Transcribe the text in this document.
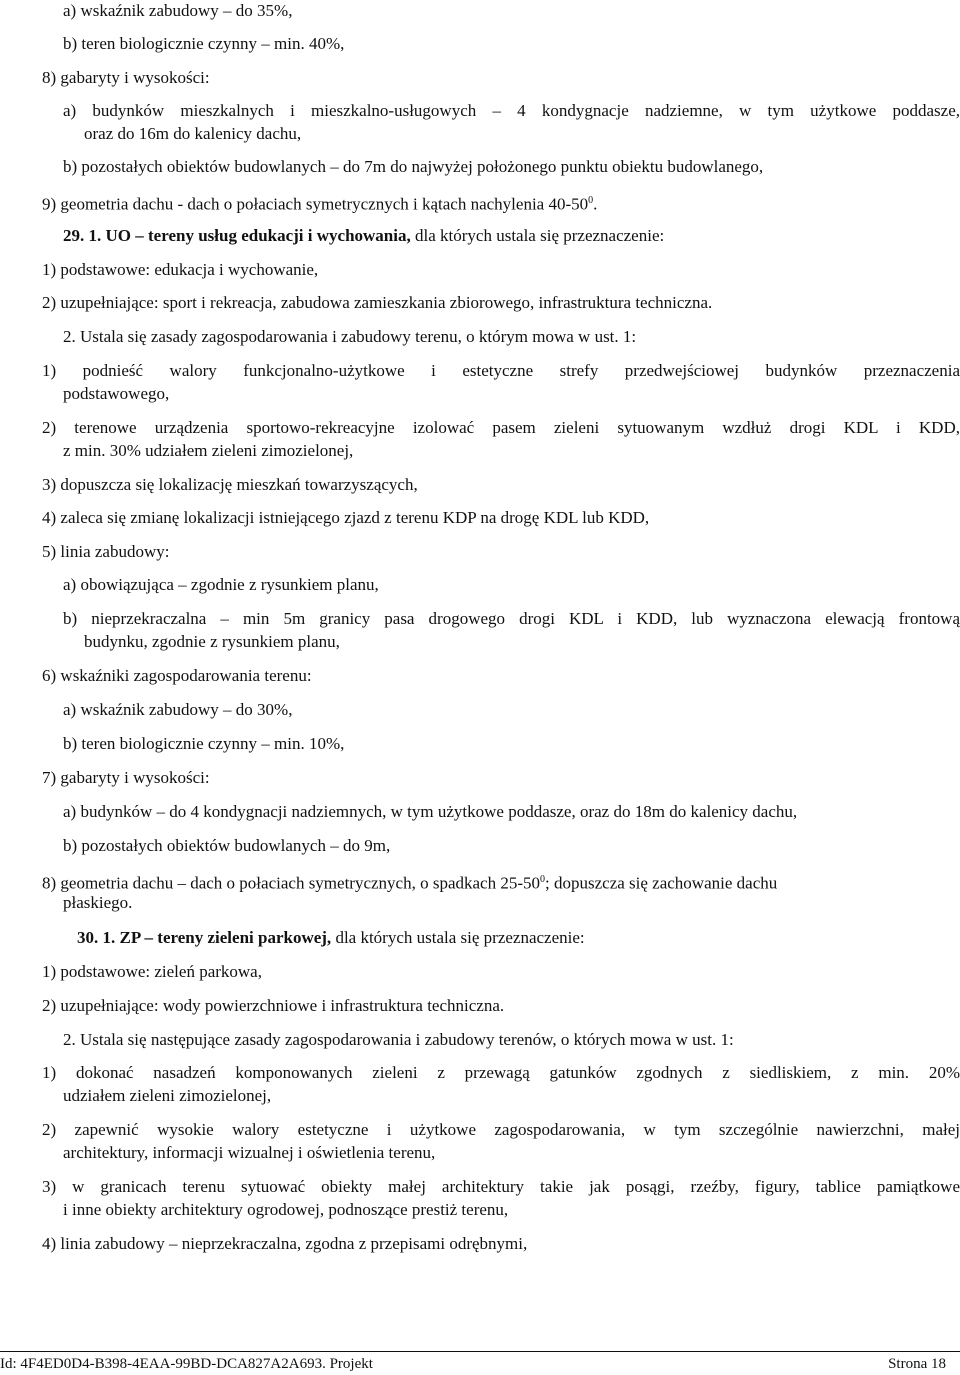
a) wskaźnik zabudowy – do 35%,
b) teren biologicznie czynny – min. 40%,
8) gabaryty i wysokości:
a) budynków mieszkalnych i mieszkalno-usługowych – 4 kondygnacje nadziemne, w tym użytkowe poddasze,
oraz do 16m do kalenicy dachu,
b) pozostałych obiektów budowlanych – do 7m do najwyżej położonego punktu obiektu budowlanego,
9) geometria dachu - dach o połaciach symetrycznych i kątach nachylenia $40-50^0$.
29. 1. UO – tereny usług edukacji i wychowania, dla których ustala się przeznaczenie:
1) podstawowe: edukacja i wychowanie,
2) uzupełniające: sport i rekreacja, zabudowa zamieszkania zbiorowego, infrastruktura techniczna.
2. Ustala się zasady zagospodarowania i zabudowy terenu, o którym mowa w ust. 1:
1) podnieść walory funkcjonalno-użytkowe i estetyczne strefy przedwejściowej budynków przeznaczenia
podstawowego,
2) terenowe urządzenia sportowo-rekreacyjne izolować pasem zieleni sytuowanym wzdłuż drogi KDL i KDD,
z min. 30% udziałem zieleni zimozielonej,
3) dopuszcza się lokalizację mieszkań towarzyszących,
4) zaleca się zmianę lokalizacji istniejącego zjazd z terenu KDP na drogę KDL lub KDD,
5) linia zabudowy:
a) obowiązująca – zgodnie z rysunkiem planu,
b) nieprzekraczalna – min 5m granicy pasa drogowego drogi KDL i KDD, lub wyznaczona elewacją frontową
budynku, zgodnie z rysunkiem planu,
6) wskaźniki zagospodarowania terenu:
a) wskaźnik zabudowy – do 30%,
b) teren biologicznie czynny – min. 10%,
7) gabaryty i wysokości:
a) budynków – do 4 kondygnacji nadziemnych, w tym użytkowe poddasze, oraz do 18m do kalenicy dachu,
b) pozostałych obiektów budowlanych – do 9m,
8) geometria dachu – dach o połaciach symetrycznych, o spadkach $25-50^0$; dopuszcza się zachowanie dachu
płaskiego.
30. 1. ZP – tereny zieleni parkowej, dla których ustala się przeznaczenie:
1) podstawowe: zieleń parkowa,
2) uzupełniające: wody powierzchniowe i infrastruktura techniczna.
2. Ustala się następujące zasady zagospodarowania i zabudowy terenów, o których mowa w ust. 1:
1) dokonać nasadzeń komponowanych zieleni z przewagą gatunków zgodnych z siedliskiem, z min. 20%
udziałem zieleni zimozielonej,
2) zapewnić wysokie walory estetyczne i użytkowe zagospodarowania, w tym szczególnie nawierzchni, małej
architektury, informacji wizualnej i oświetlenia terenu,
3) w granicach terenu sytuować obiekty małej architektury takie jak posągi, rzeźby, figury, tablice pamiątkowe
i inne obiekty architektury ogrodowej, podnoszące prestiż terenu,
4) linia zabudowy – nieprzekraczalna, zgodna z przepisami odrębnymi,
Id: 4F4ED0D4-B398-4EAA-99BD-DCA827A2A693. Projekt	Strona 18
